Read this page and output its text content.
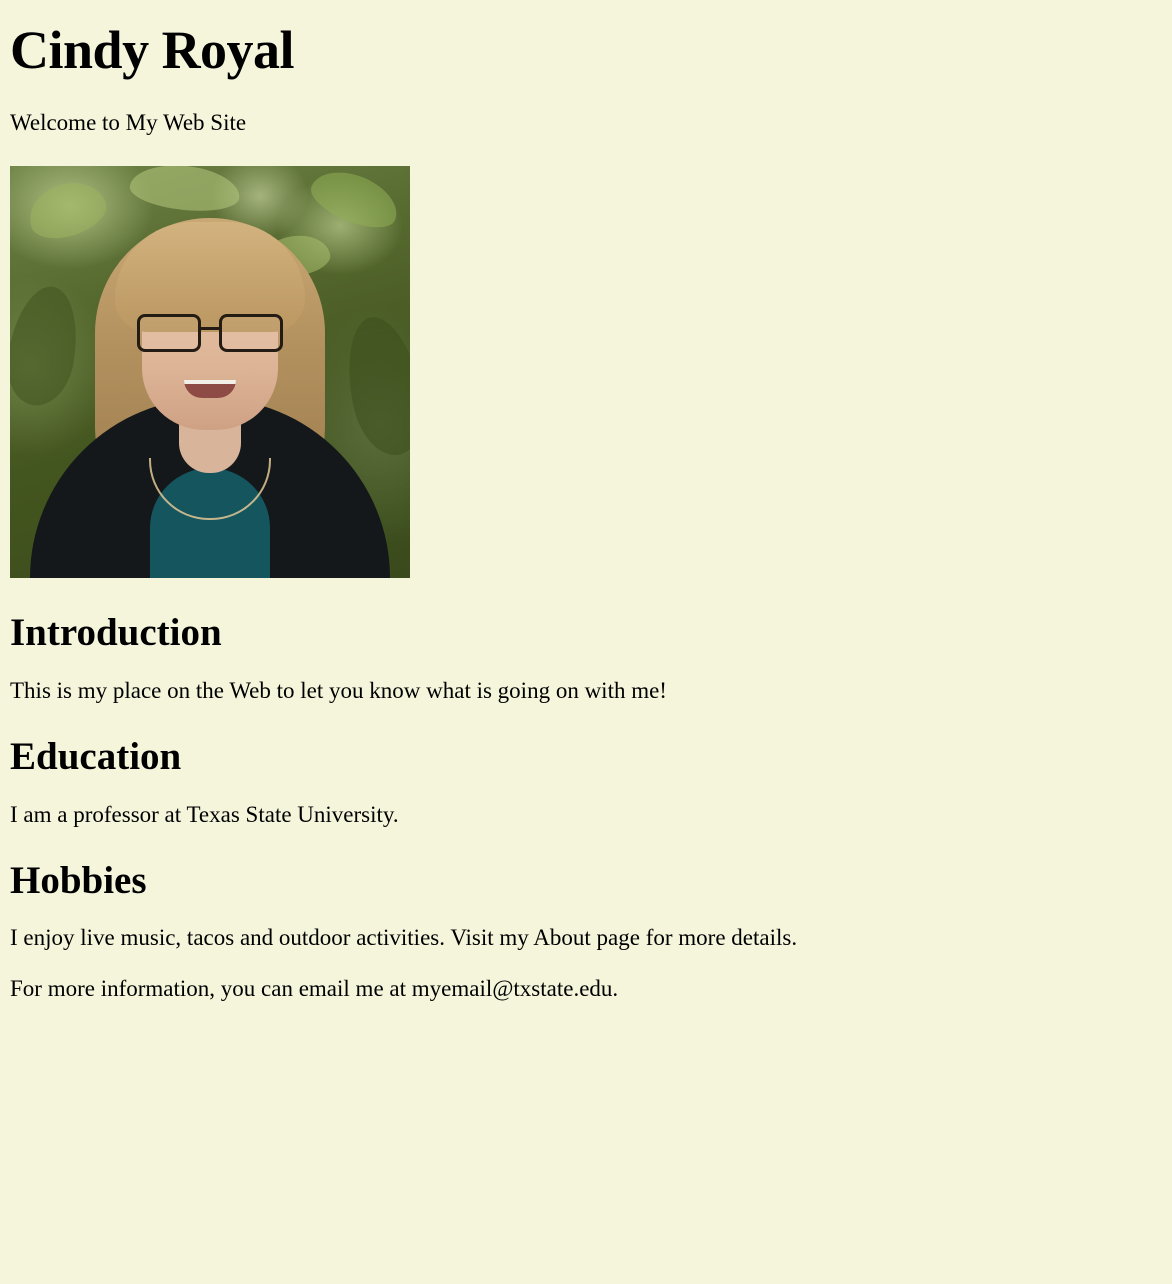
Cindy Royal

Welcome to My Web Site

Introduction

This is my place on the Web to let you know what is going on with me!

Education

I am a professor at Texas State University.

Hobbies

I enjoy live music, tacos and outdoor activities. Visit my About page for more details.

For more information, you can email me at myemail@txstate.edu.
